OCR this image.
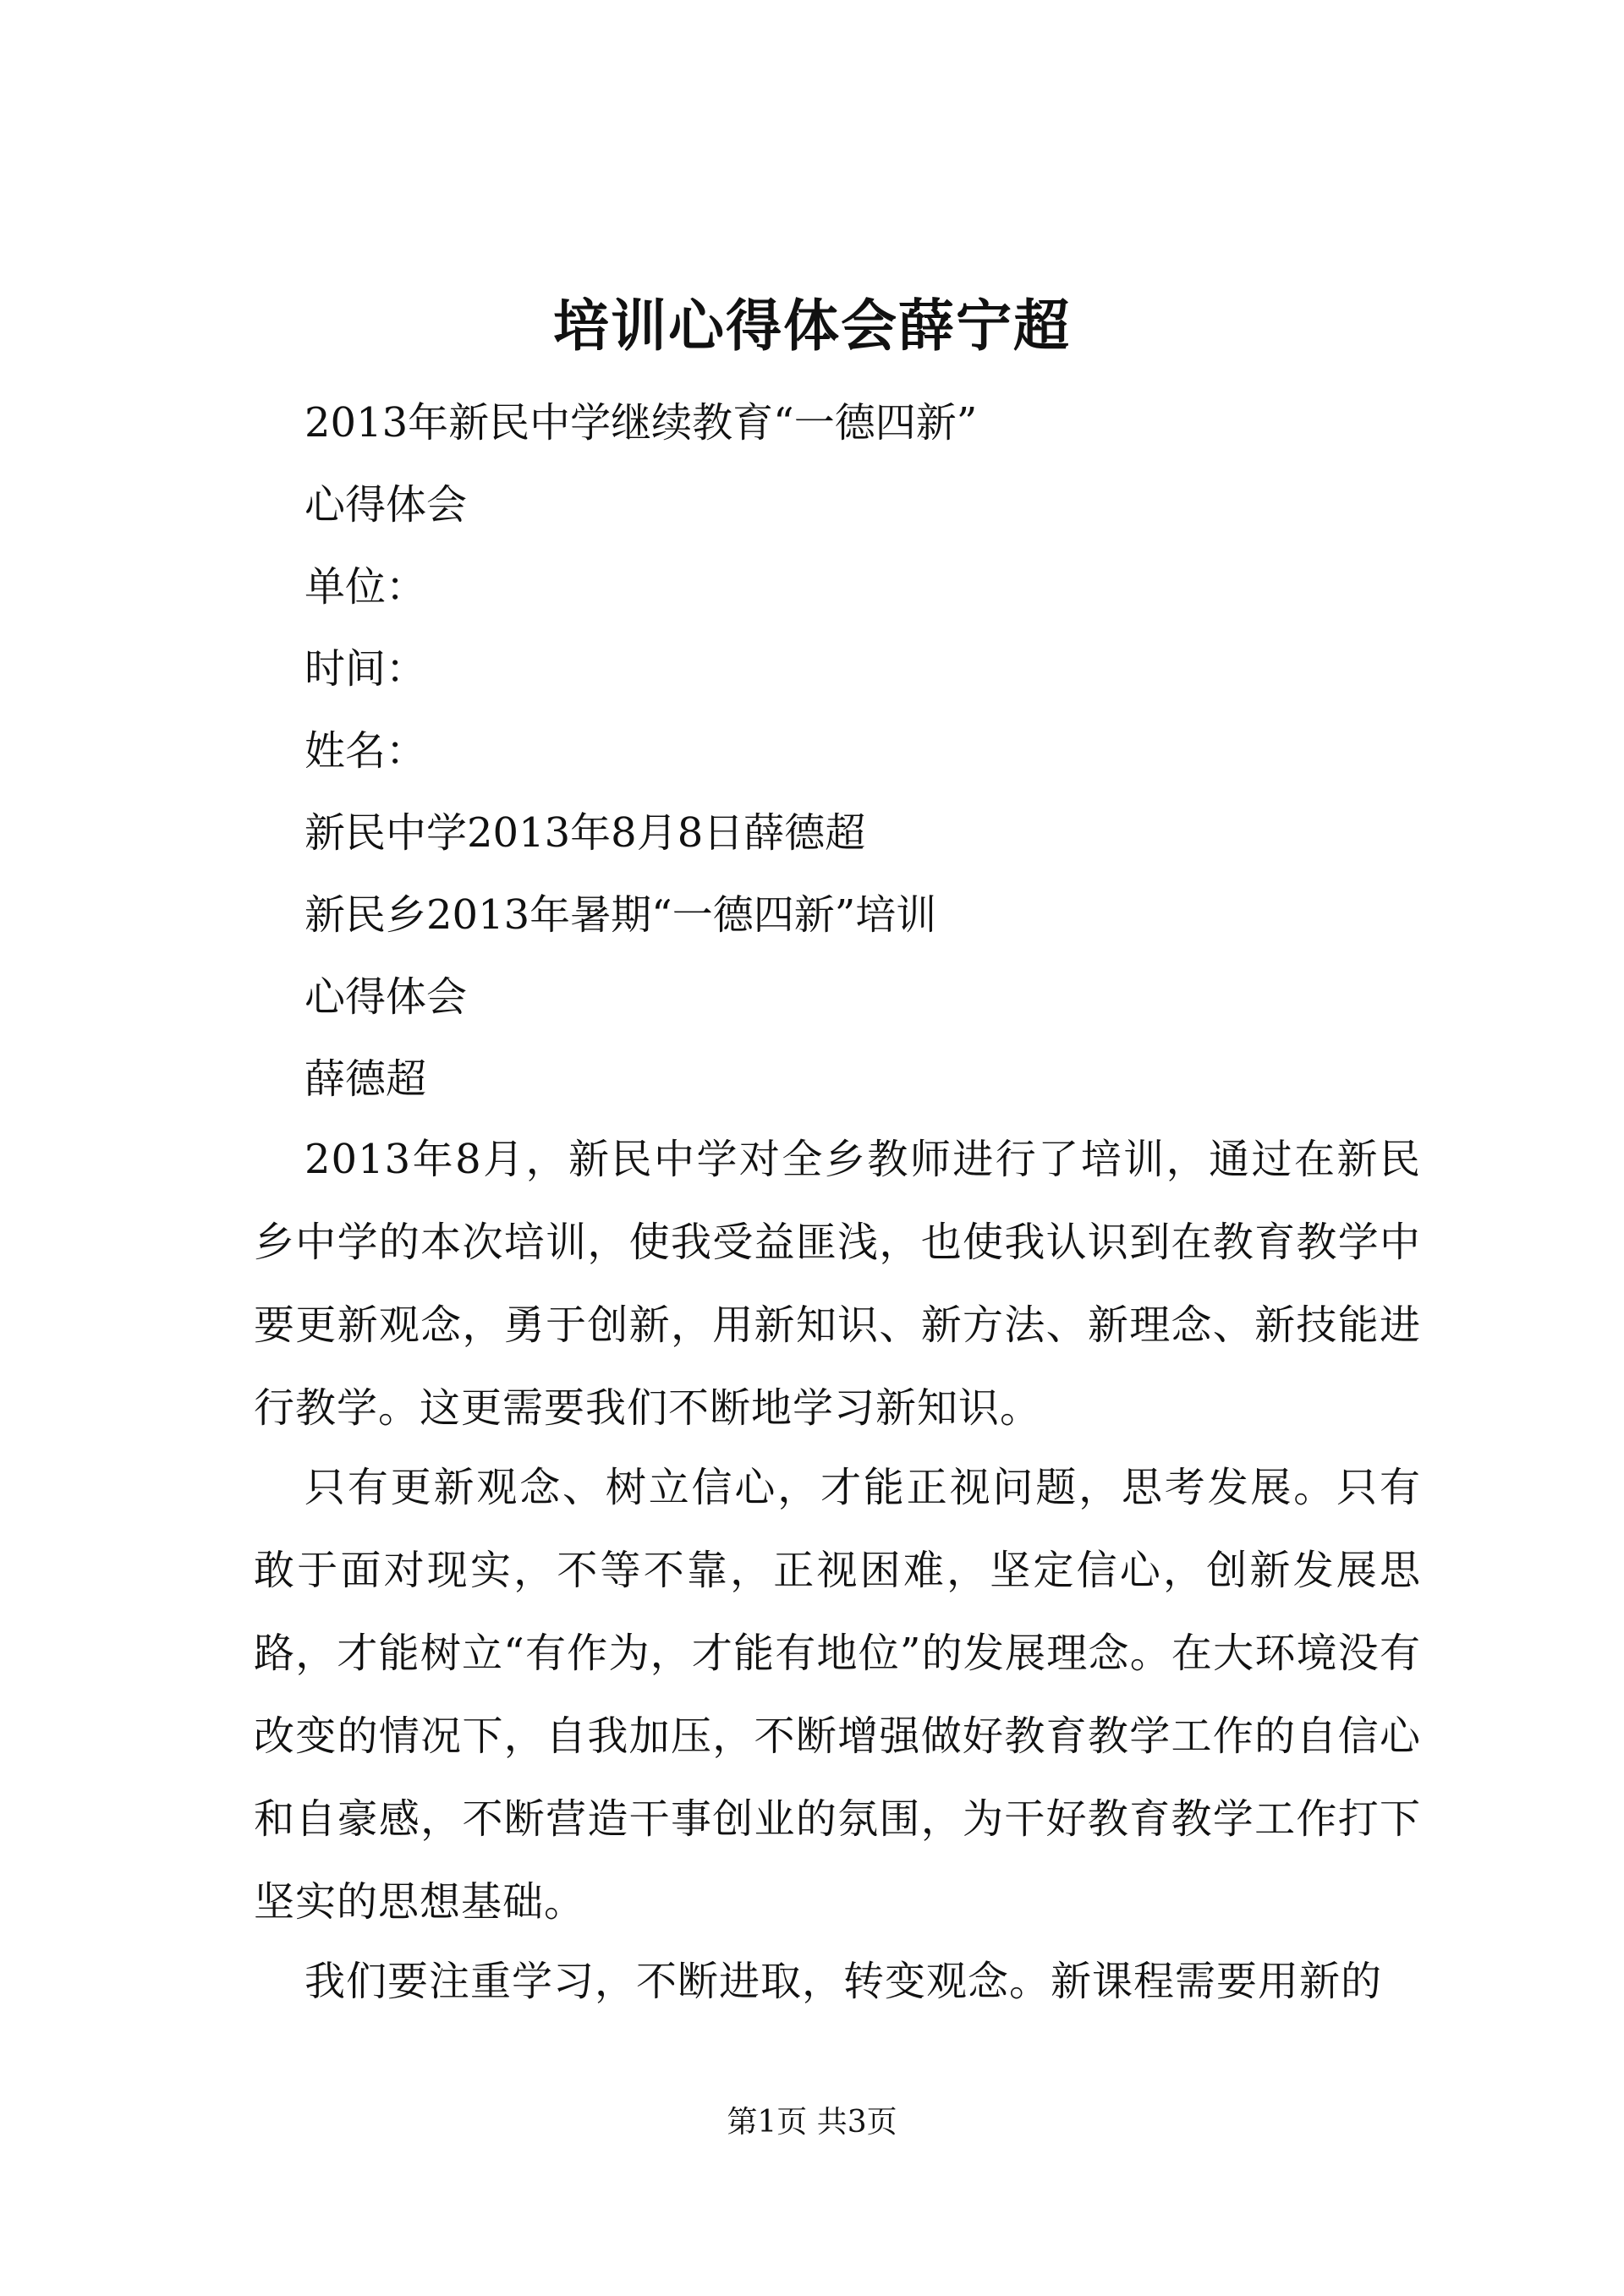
培训心得体会薛宁超
2013年新民中学继续教育“一德四新”
心得体会
单位：
时间：
姓名：
新民中学2013年8月8日薛德超
新民乡2013年暑期“一德四新”培训
心得体会
薛德超
2013年8月，新民中学对全乡教师进行了培训，通过在新民乡中学的本次培训，使我受益匪浅，也使我认识到在教育教学中要更新观念，勇于创新，用新知识、新方法、新理念、新技能进行教学。这更需要我们不断地学习新知识。
只有更新观念、树立信心，才能正视问题，思考发展。只有敢于面对现实，不等不靠，正视困难，坚定信心，创新发展思路，才能树立“有作为，才能有地位”的发展理念。在大环境没有改变的情况下，自我加压，不断增强做好教育教学工作的自信心和自豪感，不断营造干事创业的氛围，为干好教育教学工作打下坚实的思想基础。
我们要注重学习，不断进取，转变观念。新课程需要用新的
第1页 共3页
